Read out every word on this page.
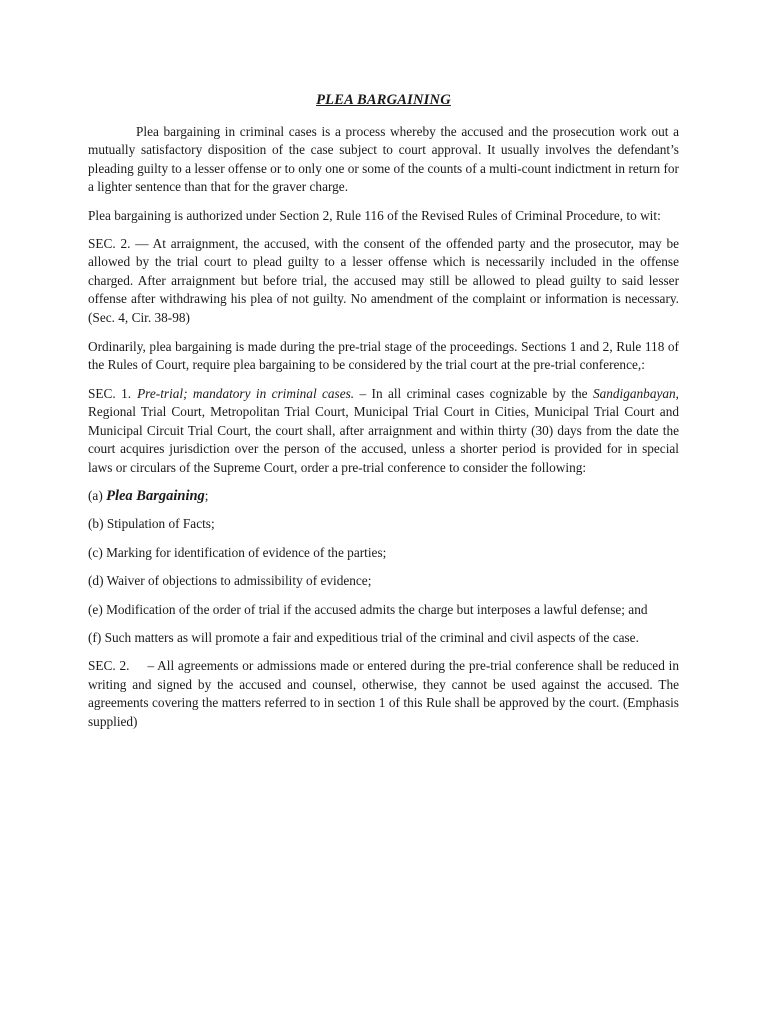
PLEA BARGAINING

Plea bargaining in criminal cases is a process whereby the accused and the prosecution work out a mutually satisfactory disposition of the case subject to court approval. It usually involves the defendant’s pleading guilty to a lesser offense or to only one or some of the counts of a multi-count indictment in return for a lighter sentence than that for the graver charge.

Plea bargaining is authorized under Section 2, Rule 116 of the Revised Rules of Criminal Procedure, to wit:

SEC. 2. — At arraignment, the accused, with the consent of the offended party and the prosecutor, may be allowed by the trial court to plead guilty to a lesser offense which is necessarily included in the offense charged. After arraignment but before trial, the accused may still be allowed to plead guilty to said lesser offense after withdrawing his plea of not guilty. No amendment of the complaint or information is necessary. (Sec. 4, Cir. 38-98)

Ordinarily, plea bargaining is made during the pre-trial stage of the proceedings. Sections 1 and 2, Rule 118 of the Rules of Court, require plea bargaining to be considered by the trial court at the pre-trial conference,:

SEC. 1. Pre-trial; mandatory in criminal cases. – In all criminal cases cognizable by the Sandiganbayan, Regional Trial Court, Metropolitan Trial Court, Municipal Trial Court in Cities, Municipal Trial Court and Municipal Circuit Trial Court, the court shall, after arraignment and within thirty (30) days from the date the court acquires jurisdiction over the person of the accused, unless a shorter period is provided for in special laws or circulars of the Supreme Court, order a pre-trial conference to consider the following:

(a) Plea Bargaining;

(b) Stipulation of Facts;

(c) Marking for identification of evidence of the parties;

(d) Waiver of objections to admissibility of evidence;

(e) Modification of the order of trial if the accused admits the charge but interposes a lawful defense; and

(f) Such matters as will promote a fair and expeditious trial of the criminal and civil aspects of the case.

SEC. 2. – All agreements or admissions made or entered during the pre-trial conference shall be reduced in writing and signed by the accused and counsel, otherwise, they cannot be used against the accused. The agreements covering the matters referred to in section 1 of this Rule shall be approved by the court. (Emphasis supplied)
